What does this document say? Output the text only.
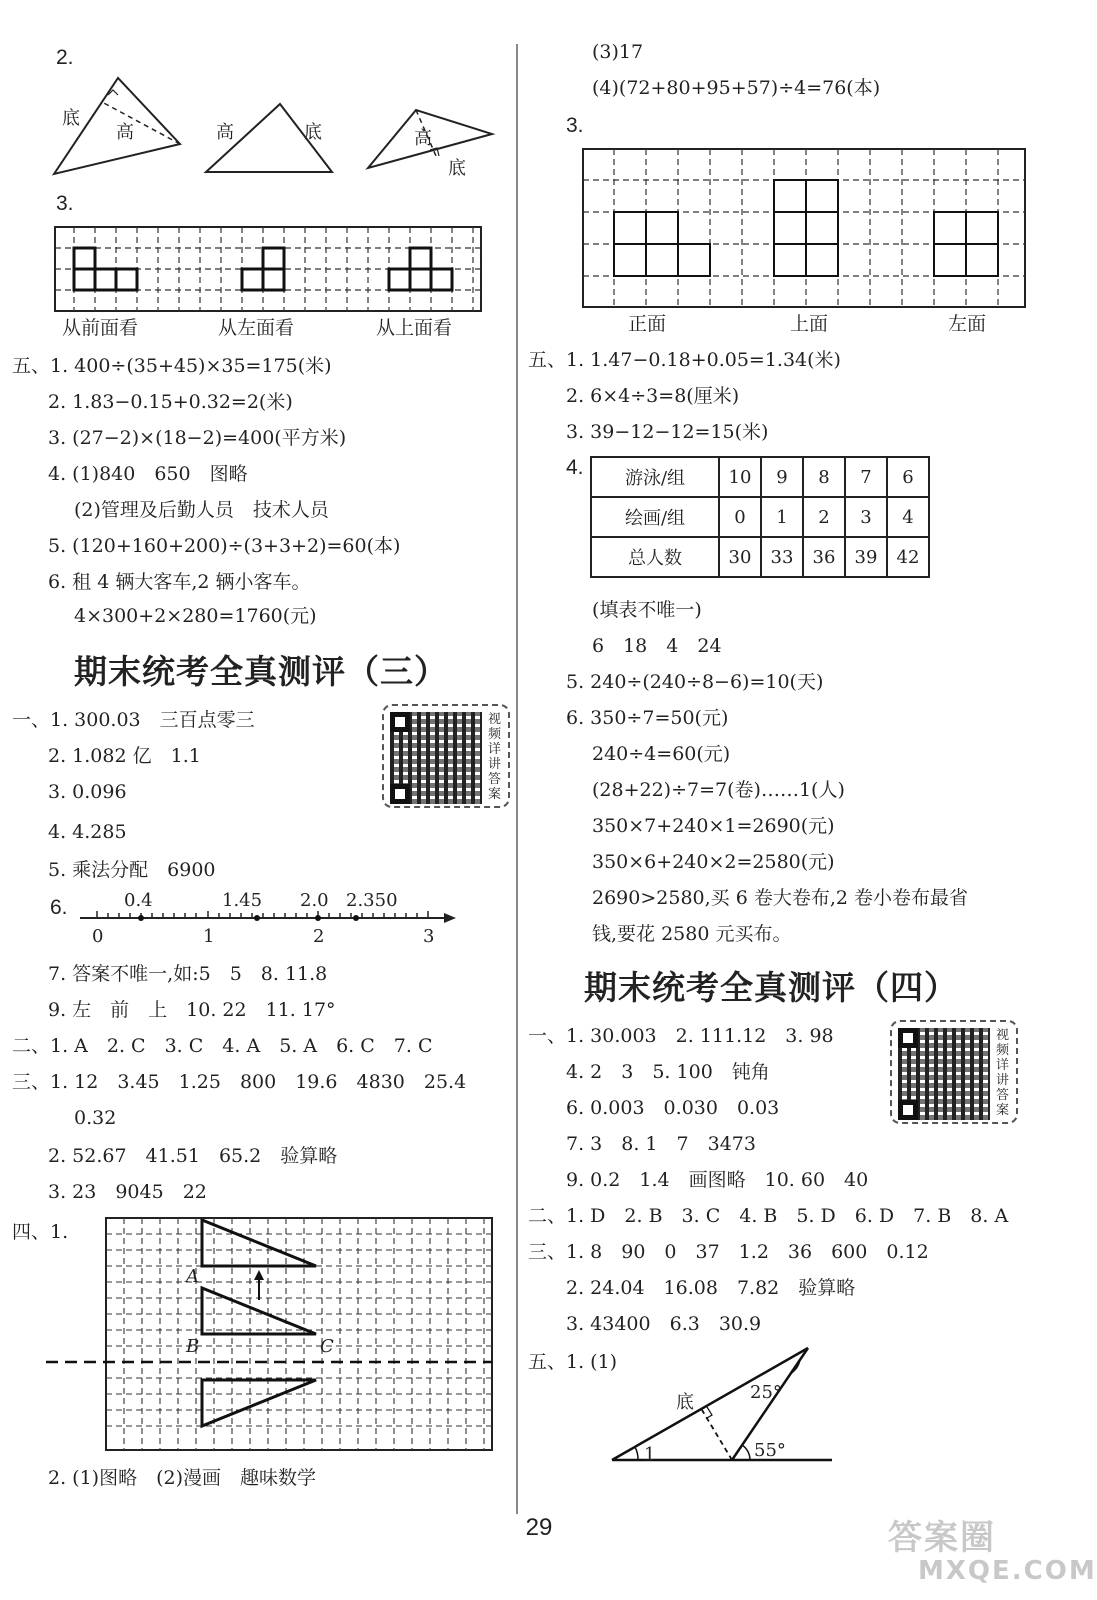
2.
底
高	高	底	高
底
3.
从前面看	从左面看	从上面看
五、1. 400÷(35+45)×35=175(米)
2. 1.83−0.15+0.32=2(米)
3. (27−2)×(18−2)=400(平方米)
4. (1)840　650　图略
(2)管理及后勤人员　技术人员
5. (120+160+200)÷(3+3+2)=60(本)
6. 租 4 辆大客车,2 辆小客车。
4×300+2×280=1760(元)
期末统考全真测评（三）
视频详讲答案
一、1. 300.03　三百点零三
2. 1.082 亿　1.1
3. 0.096
4. 4.285
5. 乘法分配　6900
6.	0.4	1.45 2.0 2.350
0	1	2	3
7. 答案不唯一,如:5　5　8. 11.8
9. 左　前　上　10. 22　11. 17°
二、1. A　2. C　3. C　4. A　5. A　6. C　7. C
三、1. 12　3.45　1.25　800　19.6　4830　25.4
0.32
2. 52.67　41.51　65.2　验算略
3. 23　9045　22
四、1.
A
B	C
2. (1)图略　(2)漫画　趣味数学
(3)17
(4)(72+80+95+57)÷4=76(本)
3.
正面	上面	左面
五、1. 1.47−0.18+0.05=1.34(米)
2. 6×4÷3=8(厘米)
3. 39−12−12=15(米)
4. 游泳/组	10	9	8	7	6
绘画/组	0	1	2	3	4
总人数	30	33	36	39	42
(填表不唯一)
6　18　4　24
5. 240÷(240÷8−6)=10(天)
6. 350÷7=50(元)
240÷4=60(元)
(28+22)÷7=7(卷)……1(人)
350×7+240×1=2690(元)
350×6+240×2=2580(元)
2690>2580,买 6 卷大卷布,2 卷小卷布最省
钱,要花 2580 元买布。
期末统考全真测评（四）
视频详讲答案
一、1. 30.003　2. 111.12　3. 98
4. 2　3　5. 100　钝角
6. 0.003　0.030　0.03
7. 3　8. 1　7　3473
9. 0.2　1.4　画图略　10. 60　40
二、1. D　2. B　3. C　4. B　5. D　6. D　7. B　8. A
三、1. 8　90　0　37　1.2　36　600　0.12
2. 24.04　16.08　7.82　验算略
3. 43400　6.3　30.9
五、1. (1)
底	25°
55°
1
29	答案圈
MXQE.COM
